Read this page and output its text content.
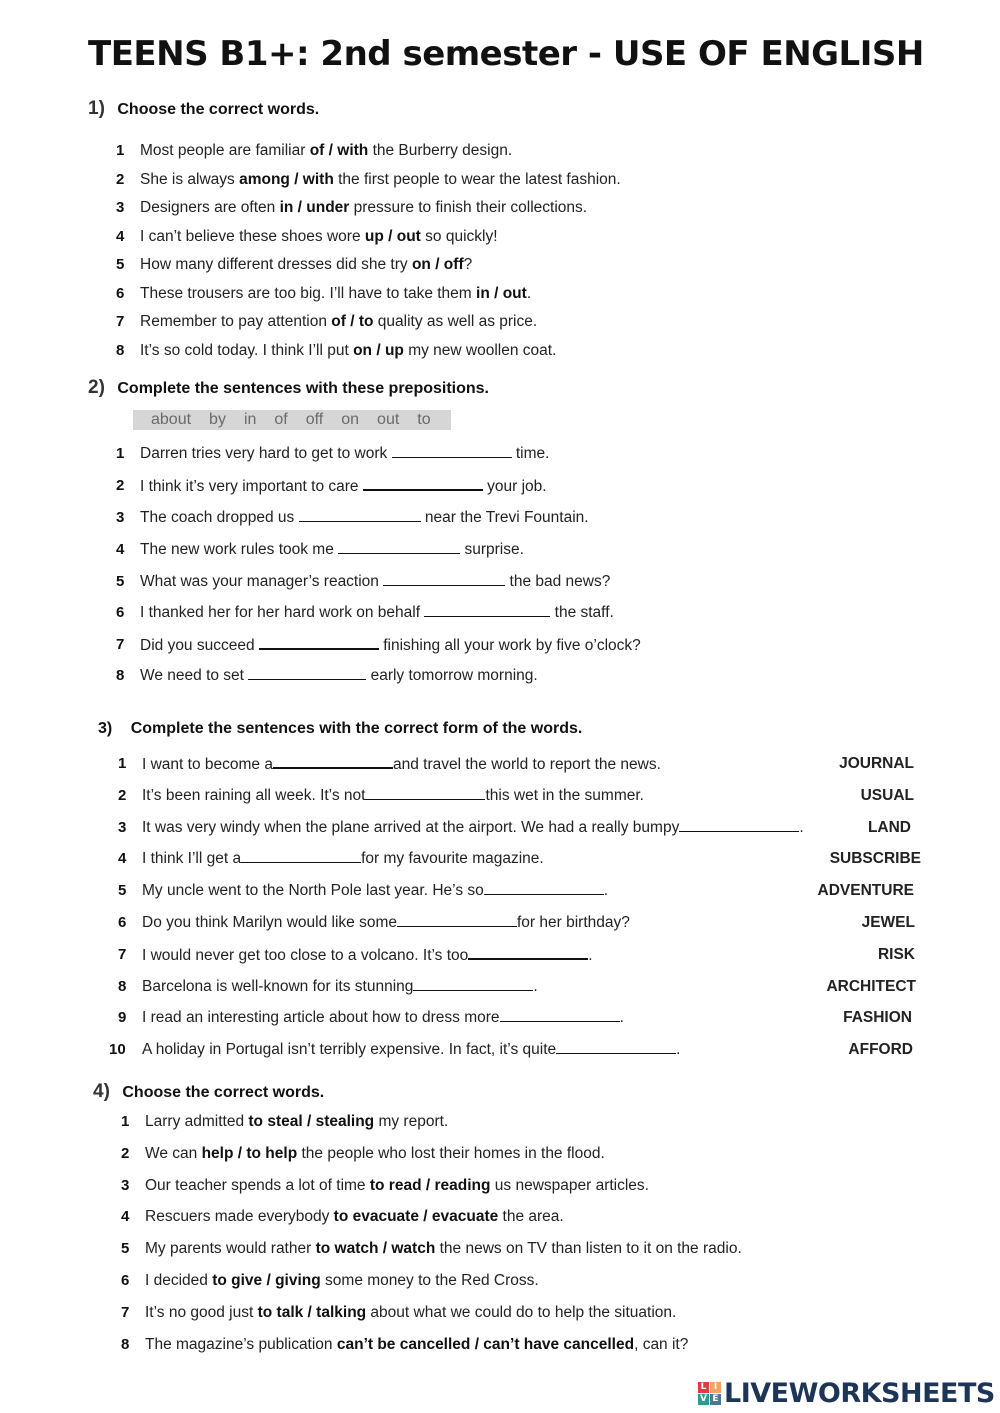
TEENS B1+: 2nd semester - USE OF ENGLISH
1) Choose the correct words.
1 Most people are familiar of / with the Burberry design.
2 She is always among / with the first people to wear the latest fashion.
3 Designers are often in / under pressure to finish their collections.
4 I can’t believe these shoes wore up / out so quickly!
5 How many different dresses did she try on / off?
6 These trousers are too big. I’ll have to take them in / out.
7 Remember to pay attention of / to quality as well as price.
8 It’s so cold today. I think I’ll put on / up my new woollen coat.
2) Complete the sentences with these prepositions.
about by in of off on out to
1 Darren tries very hard to get to work	time.
2 I think it’s very important to care	your job.
3 The coach dropped us	near the Trevi Fountain.
4 The new work rules took me	surprise.
5 What was your manager’s reaction	the bad news?
6 I thanked her for her hard work on behalf	the staff.
7 Did you succeed	finishing all your work by five o’clock?
8 We need to set	early tomorrow morning.
3) Complete the sentences with the correct form of the words.
1 I want to become a	and travel the world to report the news.	JOURNAL
2 It’s been raining all week. It’s not	this wet in the summer.	USUAL
3 It was very windy when the plane arrived at the airport. We had a really bumpy	.	LAND
4 I think I’ll get a	for my favourite magazine.	SUBSCRIBE
5 My uncle went to the North Pole last year. He’s so	.	ADVENTURE
6 Do you think Marilyn would like some	for her birthday?	JEWEL
7 I would never get too close to a volcano. It’s too	.	RISK
8 Barcelona is well-known for its stunning	.	ARCHITECT
9 I read an interesting article about how to dress more	.	FASHION
10 A holiday in Portugal isn’t terribly expensive. In fact, it’s quite	.	AFFORD
4) Choose the correct words.
1 Larry admitted to steal / stealing my report.
2 We can help / to help the people who lost their homes in the flood.
3 Our teacher spends a lot of time to read / reading us newspaper articles.
4 Rescuers made everybody to evacuate / evacuate the area.
5 My parents would rather to watch / watch the news on TV than listen to it on the radio.
6 I decided to give / giving some money to the Red Cross.
7 It’s no good just to talk / talking about what we could do to help the situation.
8 The magazine’s publication can’t be cancelled / can’t have cancelled, can it?
L I
V E LIVEWORKSHEETS
